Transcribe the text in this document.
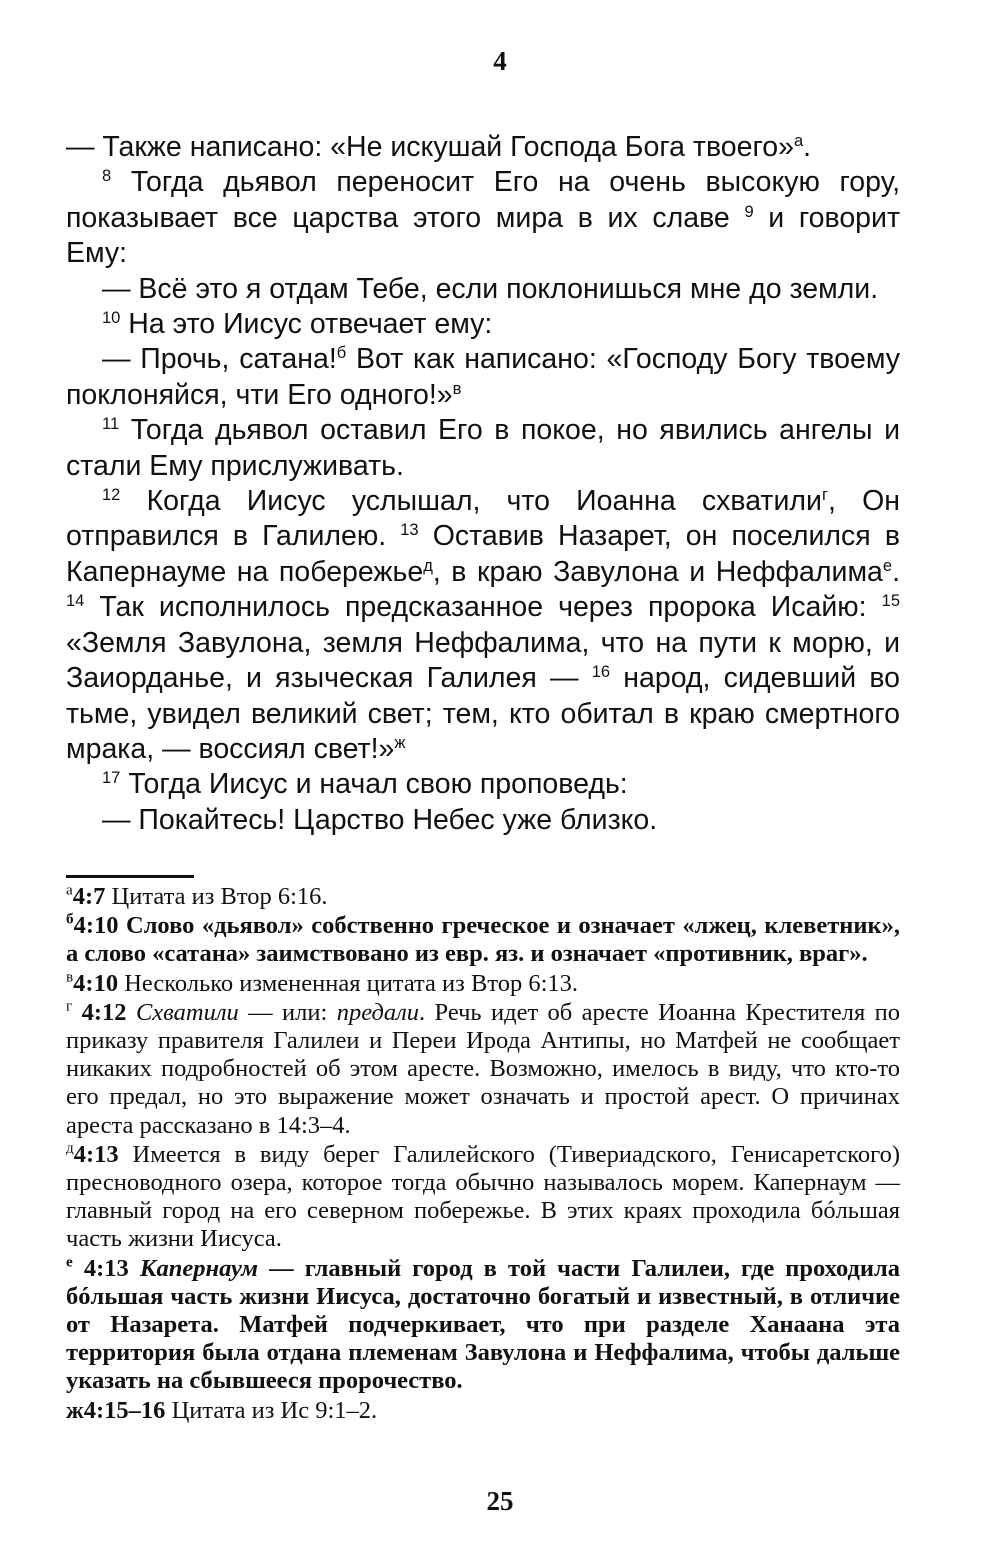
4

— Также написано: «Не искушай Господа Бога твоего»$^а$.

$^8$ Тогда дьявол переносит Его на очень высокую гору, показывает все царства этого мира в их славе $^9$ и говорит Ему:

— Всё это я отдам Тебе, если поклонишься мне до земли.

$^{10}$ На это Иисус отвечает ему:

— Прочь, сатана!$^б$ Вот как написано: «Господу Богу твоему поклоняйся, чти Его одного!»$^в$

$^{11}$ Тогда дьявол оставил Его в покое, но явились ангелы и стали Ему прислуживать.

$^{12}$ Когда Иисус услышал, что Иоанна схватили$^г$, Он отправился в Галилею. $^{13}$ Оставив Назарет, он поселился в Капернауме на побережье$^д$, в краю Завулона и Неффалима$^е$. $^{14}$ Так исполнилось предсказанное через пророка Исайю: $^{15}$ «Земля Завулона, земля Неффалима, что на пути к морю, и Заиорданье, и языческая Галилея — $^{16}$ народ, сидевший во тьме, увидел великий свет; тем, кто обитал в краю смертного мрака, — воссиял свет!»$^ж$

$^{17}$ Тогда Иисус и начал свою проповедь:

— Покайтесь! Царство Небес уже близко.

$^а$4:7 Цитата из Втор 6:16.

$^б$4:10 Слово «дьявол» собственно греческое и означает «лжец, клеветник», а слово «сатана» заимствовано из евр. яз. и означает «противник, враг».

$^в$4:10 Несколько измененная цитата из Втор 6:13.

$^г$ 4:12 Схватили — или: предали. Речь идет об аресте Иоанна Крестителя по приказу правителя Галилеи и Переи Ирода Антипы, но Матфей не сообщает никаких подробностей об этом аресте. Возможно, имелось в виду, что кто-то его предал, но это выражение может означать и простой арест. О причинах ареста рассказано в 14:3–4.

$^д$4:13 Имеется в виду берег Галилейского (Тивериадского, Генисаретского) пресноводного озера, которое тогда обычно называлось морем. Капернаум — главный город на его северном побережье. В этих краях проходила бóльшая часть жизни Иисуса.

$^е$ 4:13 Капернаум — главный город в той части Галилеи, где проходила бóльшая часть жизни Иисуса, достаточно богатый и известный, в отличие от Назарета. Матфей подчеркивает, что при разделе Ханаана эта территория была отдана племенам Завулона и Неффалима, чтобы дальше указать на сбывшееся пророчество.

ж4:15–16 Цитата из Ис 9:1–2.

25
